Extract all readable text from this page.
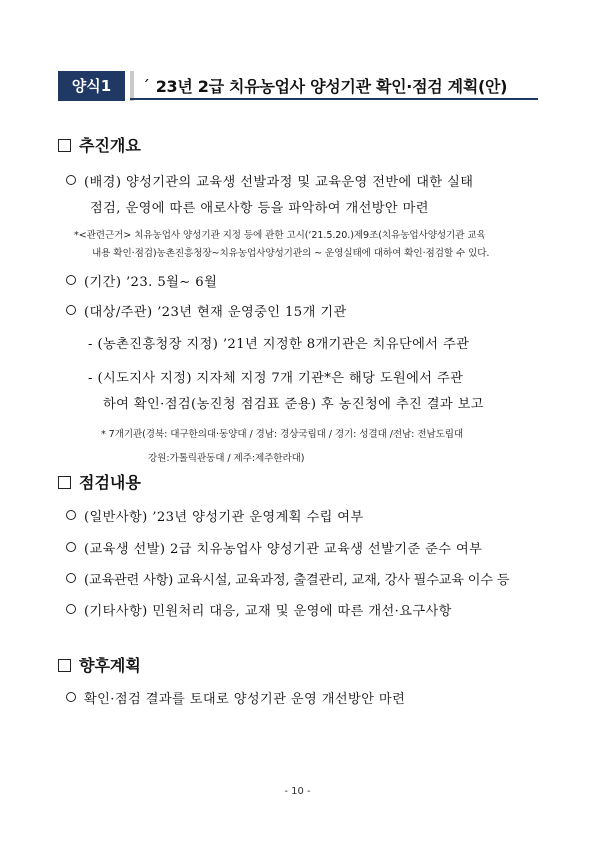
양식1	ˊ 23년 2급 치유농업사 양성기관 확인·점검 계획(안)
추진개요
(배경) 양성기관의 교육생 선발과정 및 교육운영 전반에 대한 실태
점검, 운영에 따른 애로사항 등을 파악하여 개선방안 마련
*<관련근거> 치유농업사 양성기관 지정 등에 관한 고시(‘21.5.20.)제9조(치유농업사양성기관 교육
내용 확인·점검)농촌진흥청장~치유농업사양성기관의 ~ 운영실태에 대하여 확인·점검할 수 있다.
(기간) ’23. 5월∼ 6월
(대상/주관) ’23년 현재 운영중인 15개 기관
- (농촌진흥청장 지정) ’21년 지정한 8개기관은 치유단에서 주관
- (시도지사 지정) 지자체 지정 7개 기관*은 해당 도원에서 주관
하여 확인·점검(농진청 점검표 준용) 후 농진청에 추진 결과 보고
* 7개기관(경북: 대구한의대·동양대 / 경남: 경상국립대 / 경기: 성결대 /전남: 전남도립대
강원:가톨릭관동대 / 제주:제주한라대)
점검내용
(일반사항) ’23년 양성기관 운영계획 수립 여부
(교육생 선발) 2급 치유농업사 양성기관 교육생 선발기준 준수 여부
(교육관련 사항) 교육시설, 교육과정, 출결관리, 교재, 강사 필수교육 이수 등
(기타사항) 민원처리 대응, 교재 및 운영에 따른 개선·요구사항
향후계획
확인·점검 결과를 토대로 양성기관 운영 개선방안 마련
- 10 -
